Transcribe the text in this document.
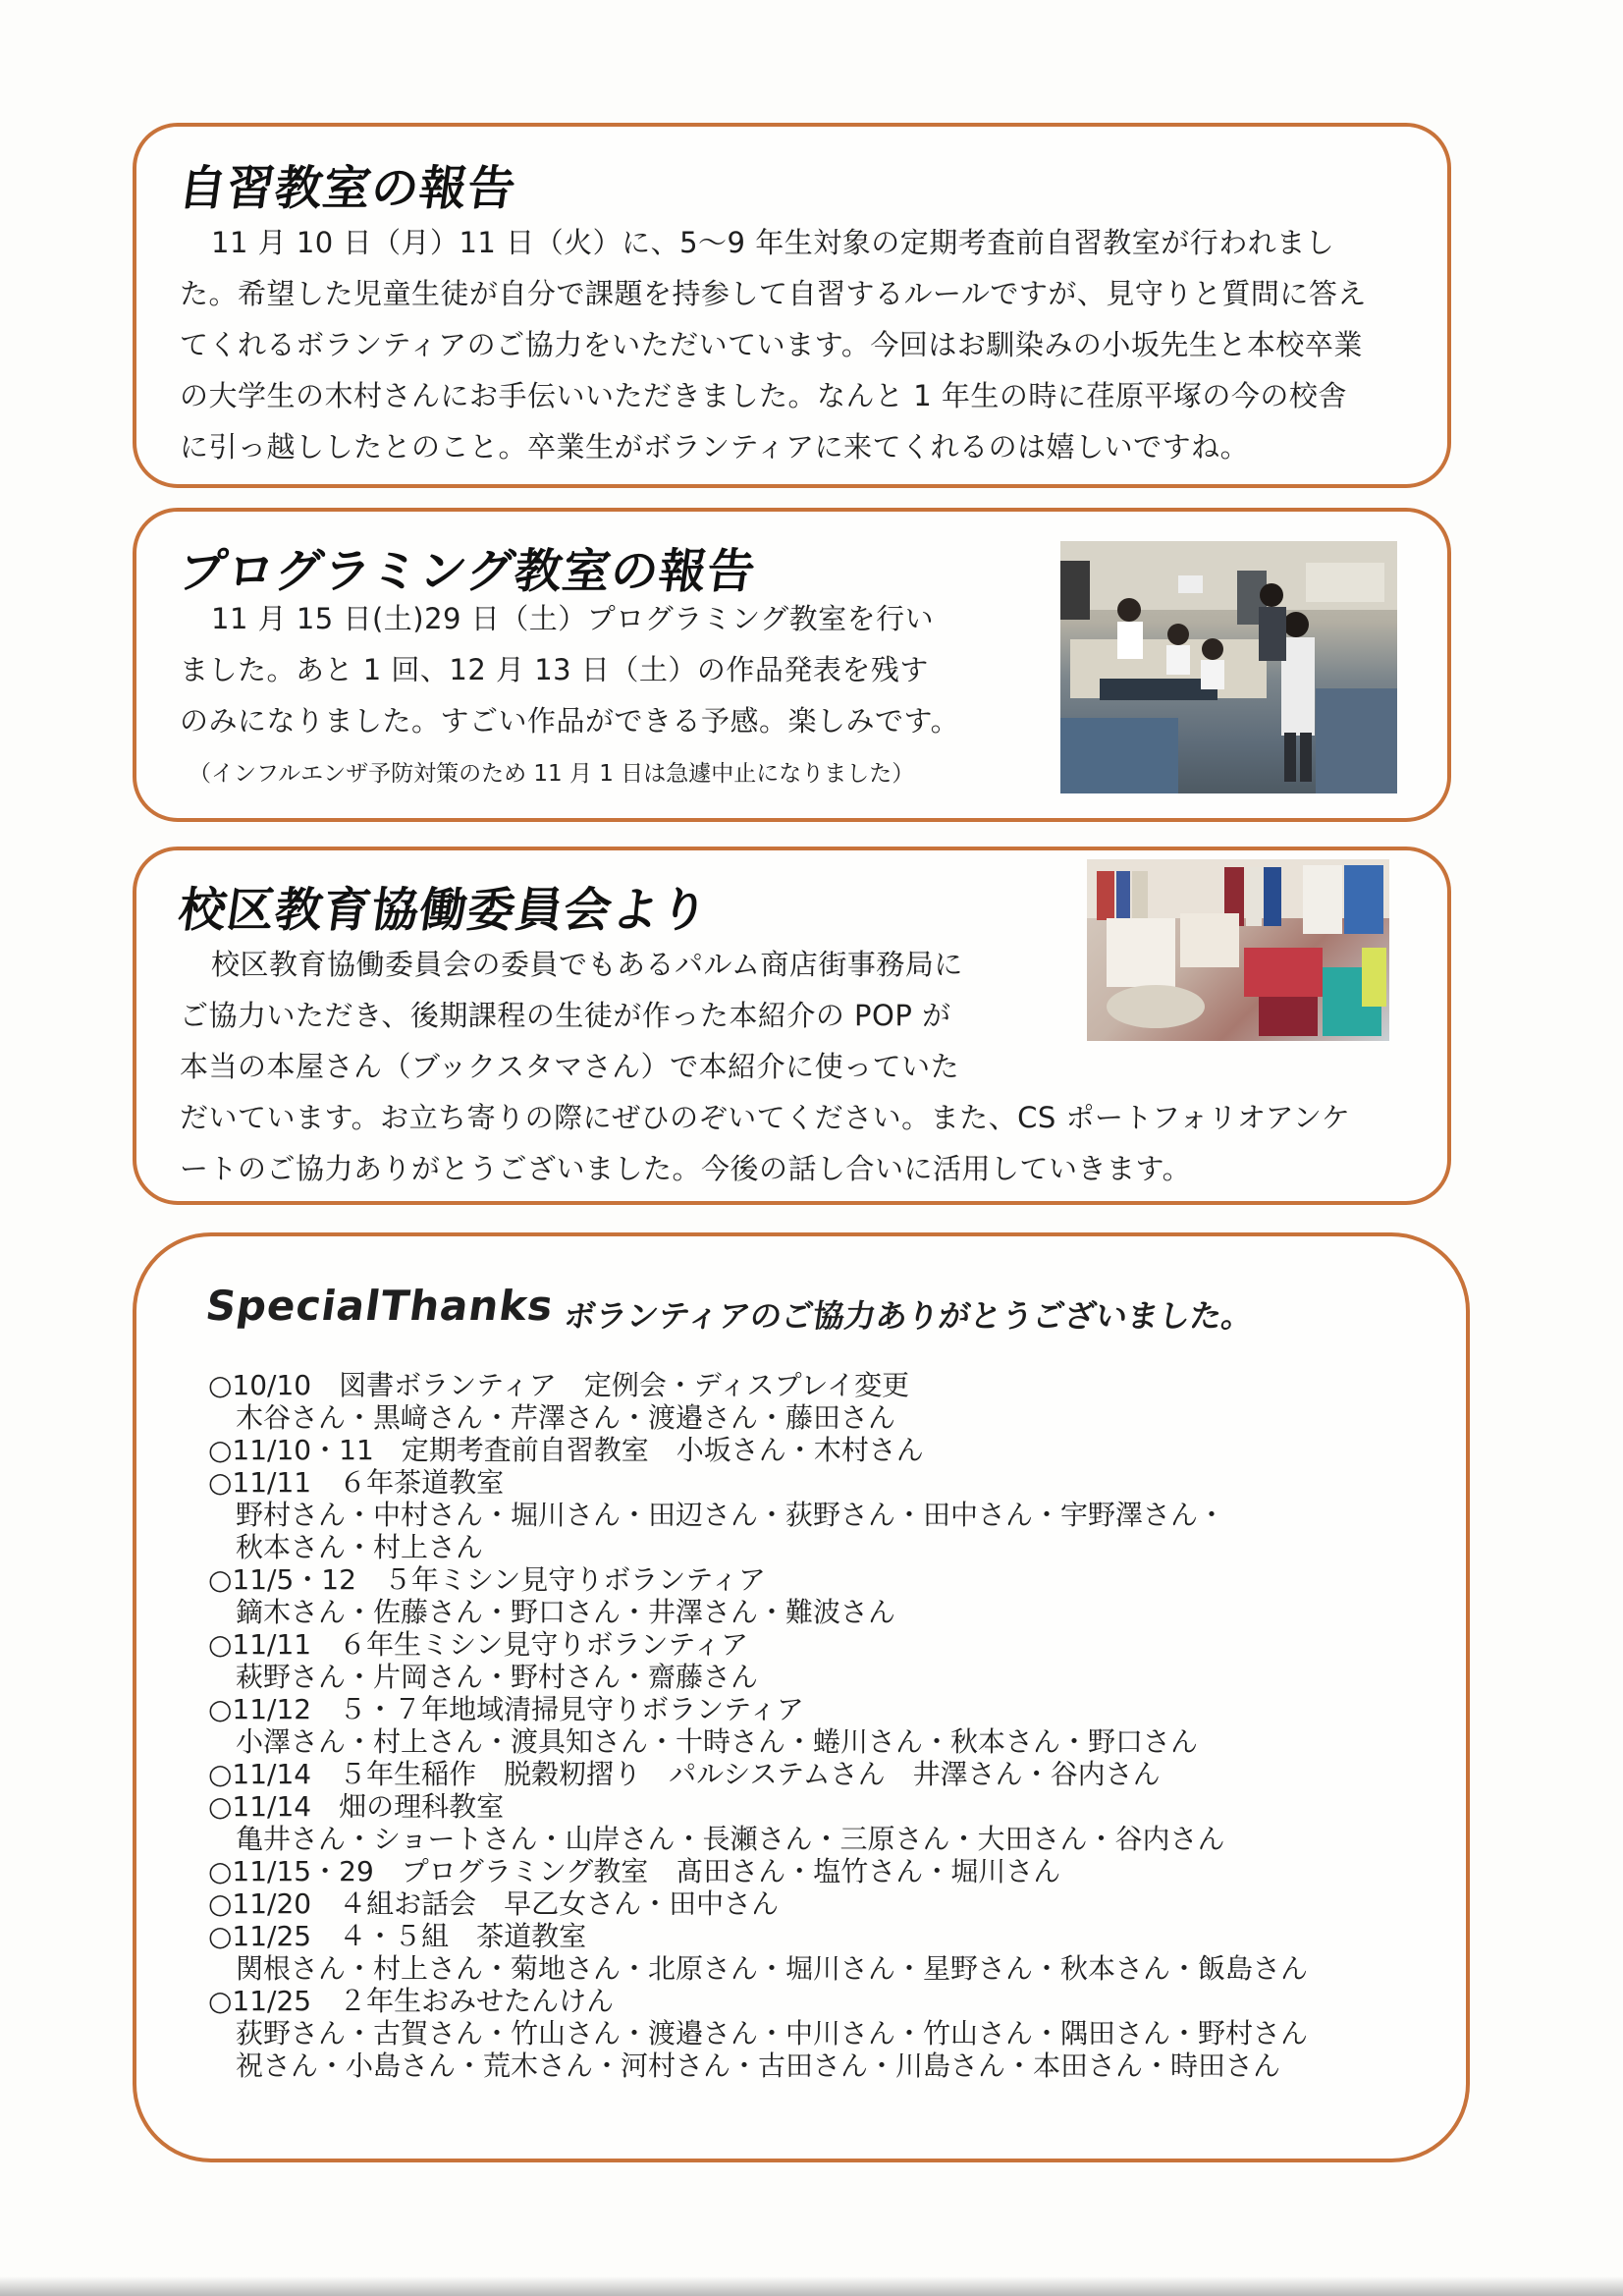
自習教室の報告
11 月 10 日（月）11 日（火）に、5～9 年生対象の定期考査前自習教室が行われまし
た。希望した児童生徒が自分で課題を持参して自習するルールですが、見守りと質問に答え
てくれるボランティアのご協力をいただいています。今回はお馴染みの小坂先生と本校卒業
の大学生の木村さんにお手伝いいただきました。なんと 1 年生の時に荏原平塚の今の校舎
に引っ越ししたとのこと。卒業生がボランティアに来てくれるのは嬉しいですね。
プログラミング教室の報告
11 月 15 日(土)29 日（土）プログラミング教室を行い
ました。あと 1 回、12 月 13 日（土）の作品発表を残す
のみになりました。すごい作品ができる予感。楽しみです。
（インフルエンザ予防対策のため 11 月 1 日は急遽中止になりました）
校区教育協働委員会より
校区教育協働委員会の委員でもあるパルム商店街事務局に
ご協力いただき、後期課程の生徒が作った本紹介の POP が
本当の本屋さん（ブックスタマさん）で本紹介に使っていた
だいています。お立ち寄りの際にぜひのぞいてください。また、CS ポートフォリオアンケ
ートのご協力ありがとうございました。今後の話し合いに活用していきます。
SpecialThanks ボランティアのご協力ありがとうございました。
○10/10　図書ボランティア　定例会・ディスプレイ変更
木谷さん・黒﨑さん・芹澤さん・渡邉さん・藤田さん
○11/10・11　定期考査前自習教室　小坂さん・木村さん
○11/11　６年茶道教室
野村さん・中村さん・堀川さん・田辺さん・荻野さん・田中さん・宇野澤さん・
秋本さん・村上さん
○11/5・12　５年ミシン見守りボランティア
鏑木さん・佐藤さん・野口さん・井澤さん・難波さん
○11/11　６年生ミシン見守りボランティア
萩野さん・片岡さん・野村さん・齋藤さん
○11/12　５・７年地域清掃見守りボランティア
小澤さん・村上さん・渡具知さん・十時さん・蜷川さん・秋本さん・野口さん
○11/14　５年生稲作　脱穀籾摺り　パルシステムさん　井澤さん・谷内さん
○11/14　畑の理科教室
亀井さん・ショートさん・山岸さん・長瀬さん・三原さん・大田さん・谷内さん
○11/15・29　プログラミング教室　髙田さん・塩竹さん・堀川さん
○11/20　４組お話会　早乙女さん・田中さん
○11/25　４・５組　茶道教室
関根さん・村上さん・菊地さん・北原さん・堀川さん・星野さん・秋本さん・飯島さん
○11/25　２年生おみせたんけん
荻野さん・古賀さん・竹山さん・渡邉さん・中川さん・竹山さん・隅田さん・野村さん
祝さん・小島さん・荒木さん・河村さん・古田さん・川島さん・本田さん・時田さん
